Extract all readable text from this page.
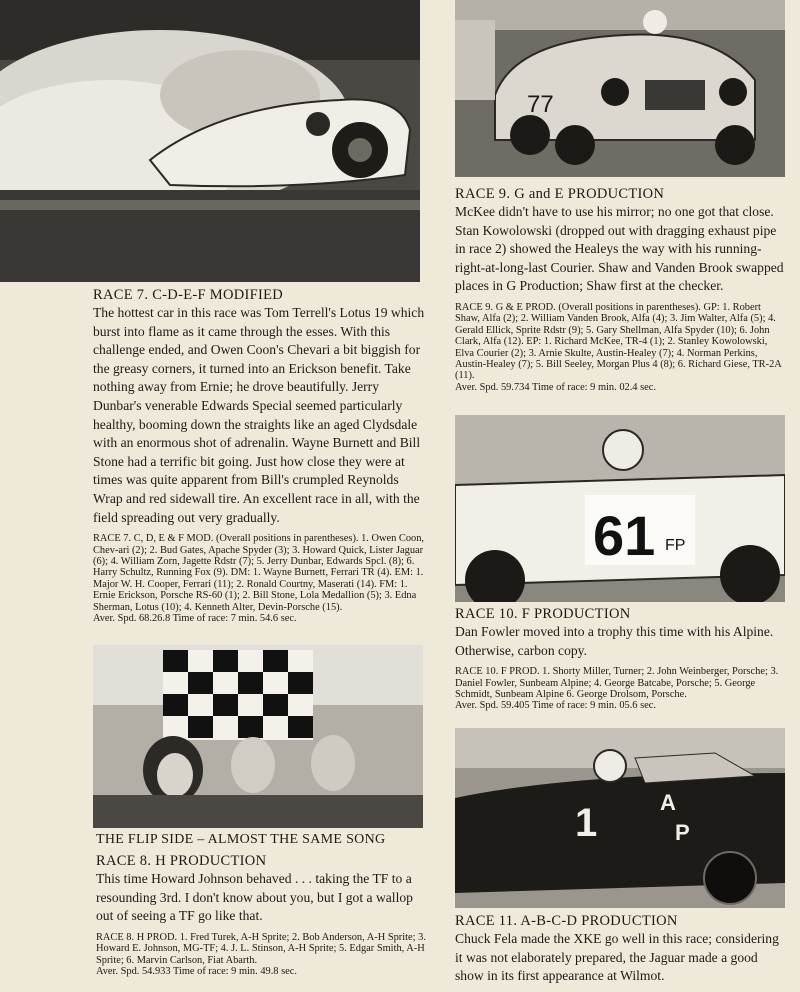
77
61 FP
1	A
P

RACE 7. C-D-E-F MODIFIED

The hottest car in this race was Tom Terrell's Lotus 19 which burst into flame as it came through the esses. With this challenge ended, and Owen Coon's Chevari a bit biggish for the greasy corners, it turned into an Erickson benefit. Take nothing away from Ernie; he drove beautifully. Jerry Dunbar's venerable Edwards Special seemed particularly healthy, booming down the straights like an aged Clydsdale with an enormous shot of adrenalin. Wayne Burnett and Bill Stone had a terrific bit going. Just how close they were at times was quite apparent from Bill's crumpled Reynolds Wrap and red sidewall tire. An excellent race in all, with the field spreading out very gradually.

RACE 7. C, D, E & F MOD. (Overall positions in parentheses). 1. Owen Coon, Chev-ari (2); 2. Bud Gates, Apache Spyder (3); 3. Howard Quick, Lister Jaguar (6); 4. William Zorn, Jagette Rdstr (7); 5. Jerry Dunbar, Edwards Spcl. (8); 6. Harry Schultz, Running Fox (9). DM: 1. Wayne Burnett, Ferrari TR (4). EM: 1. Major W. H. Cooper, Ferrari (11); 2. Ronald Courtny, Maserati (14). FM: 1. Ernie Erickson, Porsche RS-60 (1); 2. Bill Stone, Lola Medallion (5); 3. Edna Sherman, Lotus (10); 4. Kenneth Alter, Devin-Porsche (15).

Aver. Spd. 68.26.8 Time of race: 7 min. 54.6 sec.

THE FLIP SIDE – ALMOST THE SAME SONG

RACE 8. H PRODUCTION

This time Howard Johnson behaved . . . taking the TF to a resounding 3rd. I don't know about you, but I got a wallop out of seeing a TF go like that.

RACE 8. H PROD. 1. Fred Turek, A-H Sprite; 2. Bob Anderson, A-H Sprite; 3. Howard E. Johnson, MG-TF; 4. J. L. Stinson, A-H Sprite; 5. Edgar Smith, A-H Sprite; 6. Marvin Carlson, Fiat Abarth.

Aver. Spd. 54.933 Time of race: 9 min. 49.8 sec.

RACE 9. G and E PRODUCTION

McKee didn't have to use his mirror; no one got that close. Stan Kowolowski (dropped out with dragging exhaust pipe in race 2) showed the Healeys the way with his running-right-at-long-last Courier. Shaw and Vanden Brook swapped places in G Production; Shaw first at the checker.

RACE 9. G & E PROD. (Overall positions in parentheses). GP: 1. Robert Shaw, Alfa (2); 2. William Vanden Brook, Alfa (4); 3. Jim Walter, Alfa (5); 4. Gerald Ellick, Sprite Rdstr (9); 5. Gary Shellman, Alfa Spyder (10); 6. John Clark, Alfa (12). EP: 1. Richard McKee, TR-4 (1); 2. Stanley Kowolowski, Elva Courier (2); 3. Arnie Skulte, Austin-Healey (7); 4. Norman Perkins, Austin-Healey (7); 5. Bill Seeley, Morgan Plus 4 (8); 6. Richard Giese, TR-2A (11).

Aver. Spd. 59.734 Time of race: 9 min. 02.4 sec.

RACE 10. F PRODUCTION

Dan Fowler moved into a trophy this time with his Alpine. Otherwise, carbon copy.

RACE 10. F PROD. 1. Shorty Miller, Turner; 2. John Weinberger, Porsche; 3. Daniel Fowler, Sunbeam Alpine; 4. George Batcabe, Porsche; 5. George Schmidt, Sunbeam Alpine 6. George Drolsom, Porsche.

Aver. Spd. 59.405 Time of race: 9 min. 05.6 sec.

RACE 11. A-B-C-D PRODUCTION

Chuck Fela made the XKE go well in this race; considering it was not elaborately prepared, the Jaguar made a good show in its first appearance at Wilmot.
